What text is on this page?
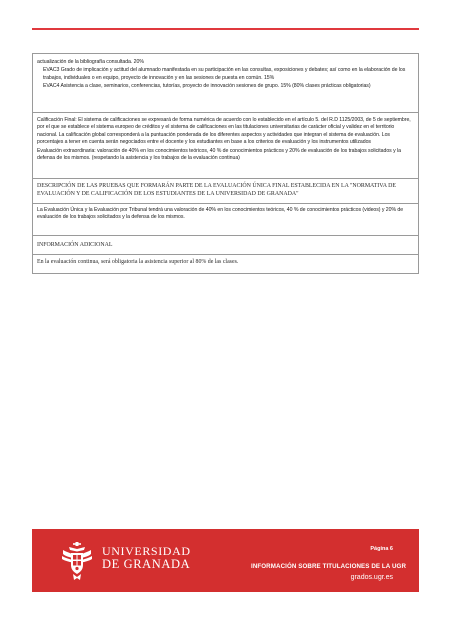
actualización de la bibliografía consultada. 20%

EVAC3 Grado de implicación y actitud del alumnado manifestada en su participación en las consultas, exposiciones y debates; así como en la elaboración de los trabajos, individuales o en equipo, proyecto de innovación y en las sesiones de puesta en común. 15%

EVAC4 Asistencia a clase, seminarios, conferencias, tutorías, proyecto de innovación sesiones de grupo. 15% (80% clases prácticas obligatorias)

Calificación Final: El sistema de calificaciones se expresará de forma numérica de acuerdo con lo establecido en el artículo 5. del R.D 1125/2003, de 5 de septiembre, por el que se establece el sistema europeo de créditos y el sistema de calificaciones en las titulaciones universitarias de carácter oficial y validez en el territorio nacional. La calificación global corresponderá a la puntuación ponderada de los diferentes aspectos y actividades que integran el sistema de evaluación. Los porcentajes a tener en cuenta serán negociados entre el docente y los estudiantes en base a los criterios de evaluación y los instrumentos utilizados

Evaluación extraordinaria: valoración de 40% en los conocimientos teóricos, 40 % de conocimientos prácticos y 20% de evaluación de los trabajos solicitados y la defensa de los mismos. (respetando la asistencia y los trabajos de la evaluación continua)

DESCRIPCIÓN DE LAS PRUEBAS QUE FORMARÁN PARTE DE LA EVALUACIÓN ÚNICA FINAL ESTABLECIDA EN LA "NORMATIVA DE EVALUACIÓN Y DE CALIFICACIÓN DE LOS ESTUDIANTES DE LA UNIVERSIDAD DE GRANADA"

La Evaluación Única y la Evaluación por Tribunal tendrá una valoración de 40% en los conocimientos teóricos, 40 % de conocimientos prácticos (videos) y 20% de evaluación de los trabajos solicitados y la defensa de los mismos.

INFORMACIÓN ADICIONAL

En la evaluación continua, será obligatoria la asistencia superior al 80% de las clases.

UNIVERSIDAD
DE GRANADA
Página 6
INFORMACIÓN SOBRE TITULACIONES DE LA UGR
grados.ugr.es
